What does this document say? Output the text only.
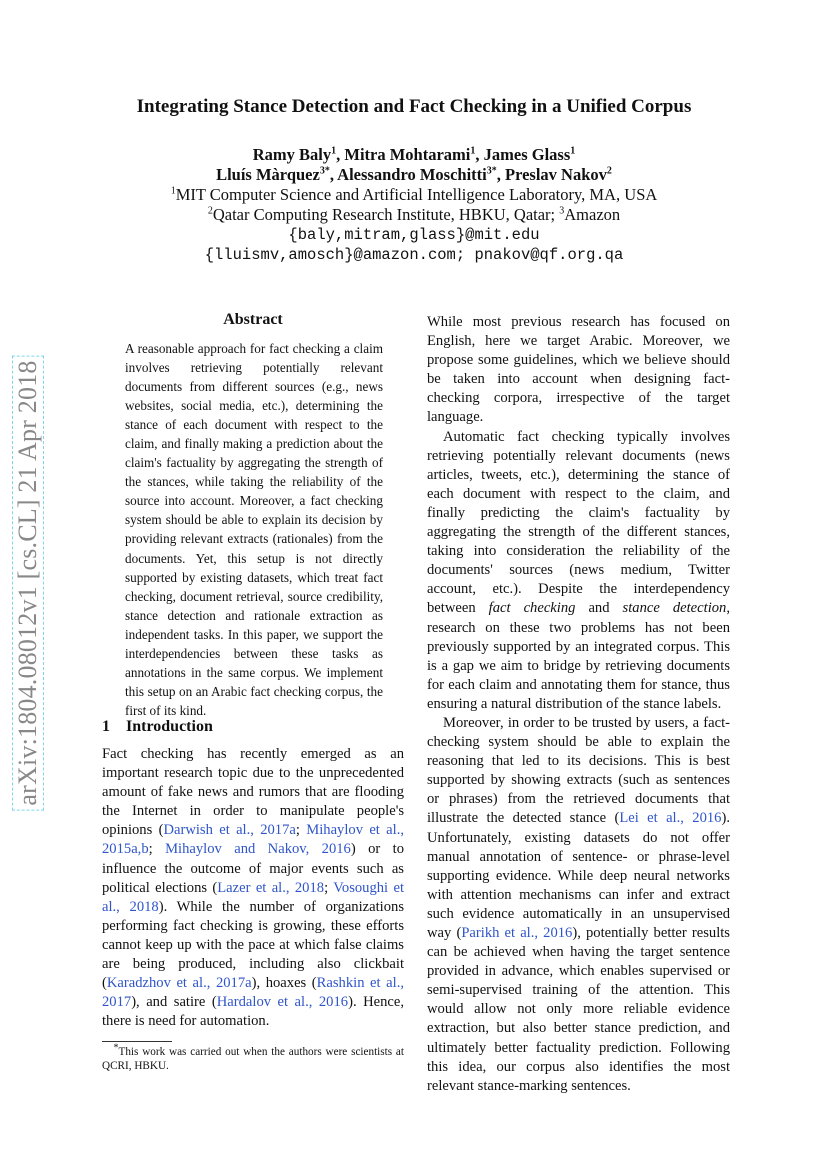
Integrating Stance Detection and Fact Checking in a Unified Corpus
Ramy Baly$^1$, Mitra Mohtarami$^1$, James Glass$^1$
Lluís Màrquez$^{3*}$, Alessandro Moschitti$^{3*}$, Preslav Nakov$^2$
$^1$MIT Computer Science and Artificial Intelligence Laboratory, MA, USA
$^2$Qatar Computing Research Institute, HBKU, Qatar; $^3$Amazon
{baly,mitram,glass}@mit.edu
{lluismv,amosch}@amazon.com; pnakov@qf.org.qa
arXiv:1804.08012v1 [cs.CL] 21 Apr 2018
Abstract
A reasonable approach for fact checking a claim involves retrieving potentially relevant documents from different sources (e.g., news websites, social media, etc.), determining the stance of each document with respect to the claim, and finally making a prediction about the claim's factuality by aggregating the strength of the stances, while taking the reliability of the source into account. Moreover, a fact checking system should be able to explain its decision by providing relevant extracts (rationales) from the documents. Yet, this setup is not directly supported by existing datasets, which treat fact checking, document retrieval, source credibility, stance detection and rationale extraction as independent tasks. In this paper, we support the interdependencies between these tasks as annotations in the same corpus. We implement this setup on an Arabic fact checking corpus, the first of its kind.
1 Introduction
Fact checking has recently emerged as an important research topic due to the unprecedented amount of fake news and rumors that are flooding the Internet in order to manipulate people's opinions (Darwish et al., 2017a; Mihaylov et al., 2015a,b; Mihaylov and Nakov, 2016) or to influence the outcome of major events such as political elections (Lazer et al., 2018; Vosoughi et al., 2018). While the number of organizations performing fact checking is growing, these efforts cannot keep up with the pace at which false claims are being produced, including also clickbait (Karadzhov et al., 2017a), hoaxes (Rashkin et al., 2017), and satire (Hardalov et al., 2016). Hence, there is need for automation.

While most previous research has focused on English, here we target Arabic. Moreover, we propose some guidelines, which we believe should be taken into account when designing fact-checking corpora, irrespective of the target language.

Automatic fact checking typically involves retrieving potentially relevant documents (news articles, tweets, etc.), determining the stance of each document with respect to the claim, and finally predicting the claim's factuality by aggregating the strength of the different stances, taking into consideration the reliability of the documents' sources (news medium, Twitter account, etc.). Despite the interdependency between fact checking and stance detection, research on these two problems has not been previously supported by an integrated corpus. This is a gap we aim to bridge by retrieving documents for each claim and annotating them for stance, thus ensuring a natural distribution of the stance labels.

Moreover, in order to be trusted by users, a fact-checking system should be able to explain the reasoning that led to its decisions. This is best supported by showing extracts (such as sentences or phrases) from the retrieved documents that illustrate the detected stance (Lei et al., 2016). Unfortunately, existing datasets do not offer manual annotation of sentence- or phrase-level supporting evidence. While deep neural networks with attention mechanisms can infer and extract such evidence automatically in an unsupervised way (Parikh et al., 2016), potentially better results can be achieved when having the target sentence provided in advance, which enables supervised or semi-supervised training of the attention. This would allow not only more reliable evidence extraction, but also better stance prediction, and ultimately better factuality prediction. Following this idea, our corpus also identifies the most relevant stance-marking sentences.

*This work was carried out when the authors were scientists at QCRI, HBKU.
